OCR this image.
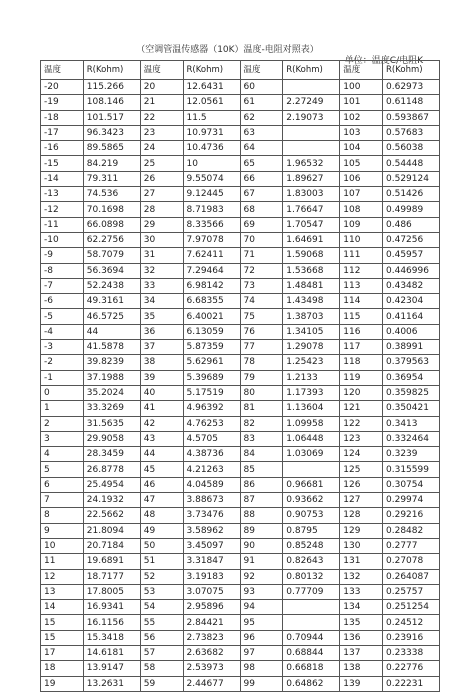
（空调管温传感器（10K）温度-电阻对照表）
单位：温度C/电阻K
温度	R(Kohm)	温度	R(Kohm)	温度	R(Kohm)	温度	R(Kohm)
-20	115.266	20	12.6431	60		100	0.62973
-19	108.146	21	12.0561	61	2.27249	101	0.61148
-18	101.517	22	11.5	62	2.19073	102	0.593867
-17	96.3423	23	10.9731	63		103	0.57683
-16	89.5865	24	10.4736	64		104	0.56038
-15	84.219	25	10	65	1.96532	105	0.54448
-14	79.311	26	9.55074	66	1.89627	106	0.529124
-13	74.536	27	9.12445	67	1.83003	107	0.51426
-12	70.1698	28	8.71983	68	1.76647	108	0.49989
-11	66.0898	29	8.33566	69	1.70547	109	0.486
-10	62.2756	30	7.97078	70	1.64691	110	0.47256
-9	58.7079	31	7.62411	71	1.59068	111	0.45957
-8	56.3694	32	7.29464	72	1.53668	112	0.446996
-7	52.2438	33	6.98142	73	1.48481	113	0.43482
-6	49.3161	34	6.68355	74	1.43498	114	0.42304
-5	46.5725	35	6.40021	75	1.38703	115	0.41164
-4	44	36	6.13059	76	1.34105	116	0.4006
-3	41.5878	37	5.87359	77	1.29078	117	0.38991
-2	39.8239	38	5.62961	78	1.25423	118	0.379563
-1	37.1988	39	5.39689	79	1.2133	119	0.36954
0	35.2024	40	5.17519	80	1.17393	120	0.359825
1	33.3269	41	4.96392	81	1.13604	121	0.350421
2	31.5635	42	4.76253	82	1.09958	122	0.3413
3	29.9058	43	4.5705	83	1.06448	123	0.332464
4	28.3459	44	4.38736	84	1.03069	124	0.3239
5	26.8778	45	4.21263	85		125	0.315599
6	25.4954	46	4.04589	86	0.96681	126	0.30754
7	24.1932	47	3.88673	87	0.93662	127	0.29974
8	22.5662	48	3.73476	88	0.90753	128	0.29216
9	21.8094	49	3.58962	89	0.8795	129	0.28482
10	20.7184	50	3.45097	90	0.85248	130	0.2777
11	19.6891	51	3.31847	91	0.82643	131	0.27078
12	18.7177	52	3.19183	92	0.80132	132	0.264087
13	17.8005	53	3.07075	93	0.77709	133	0.25757
14	16.9341	54	2.95896	94		134	0.251254
15	16.1156	55	2.84421	95		135	0.24512
15	15.3418	56	2.73823	96	0.70944	136	0.23916
17	14.6181	57	2.63682	97	0.68844	137	0.23338
18	13.9147	58	2.53973	98	0.66818	138	0.22776
19	13.2631	59	2.44677	99	0.64862	139	0.22231
